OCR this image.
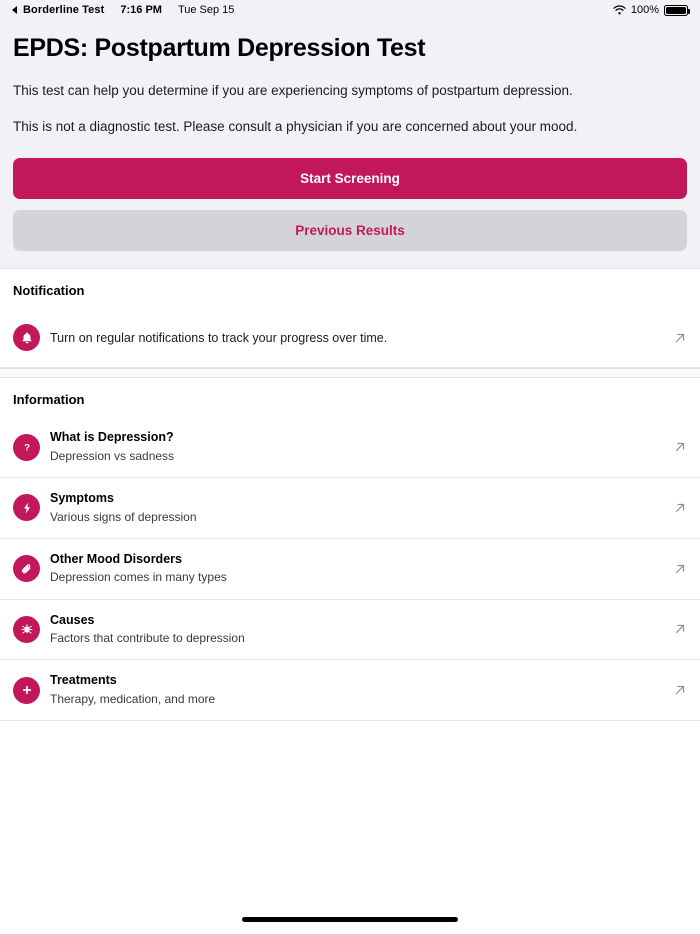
Borderline Test 7:16 PM Tue Sep 15	100%
EPDS: Postpartum Depression Test
This test can help you determine if you are experiencing symptoms of postpartum depression.
This is not a diagnostic test. Please consult a physician if you are concerned about your mood.
Start Screening
Previous Results
Notification
Turn on regular notifications to track your progress over time.
Information
?
What is Depression?
Depression vs sadness
Symptoms
Various signs of depression
Other Mood Disorders
Depression comes in many types
Causes
Factors that contribute to depression
Treatments
Therapy, medication, and more
